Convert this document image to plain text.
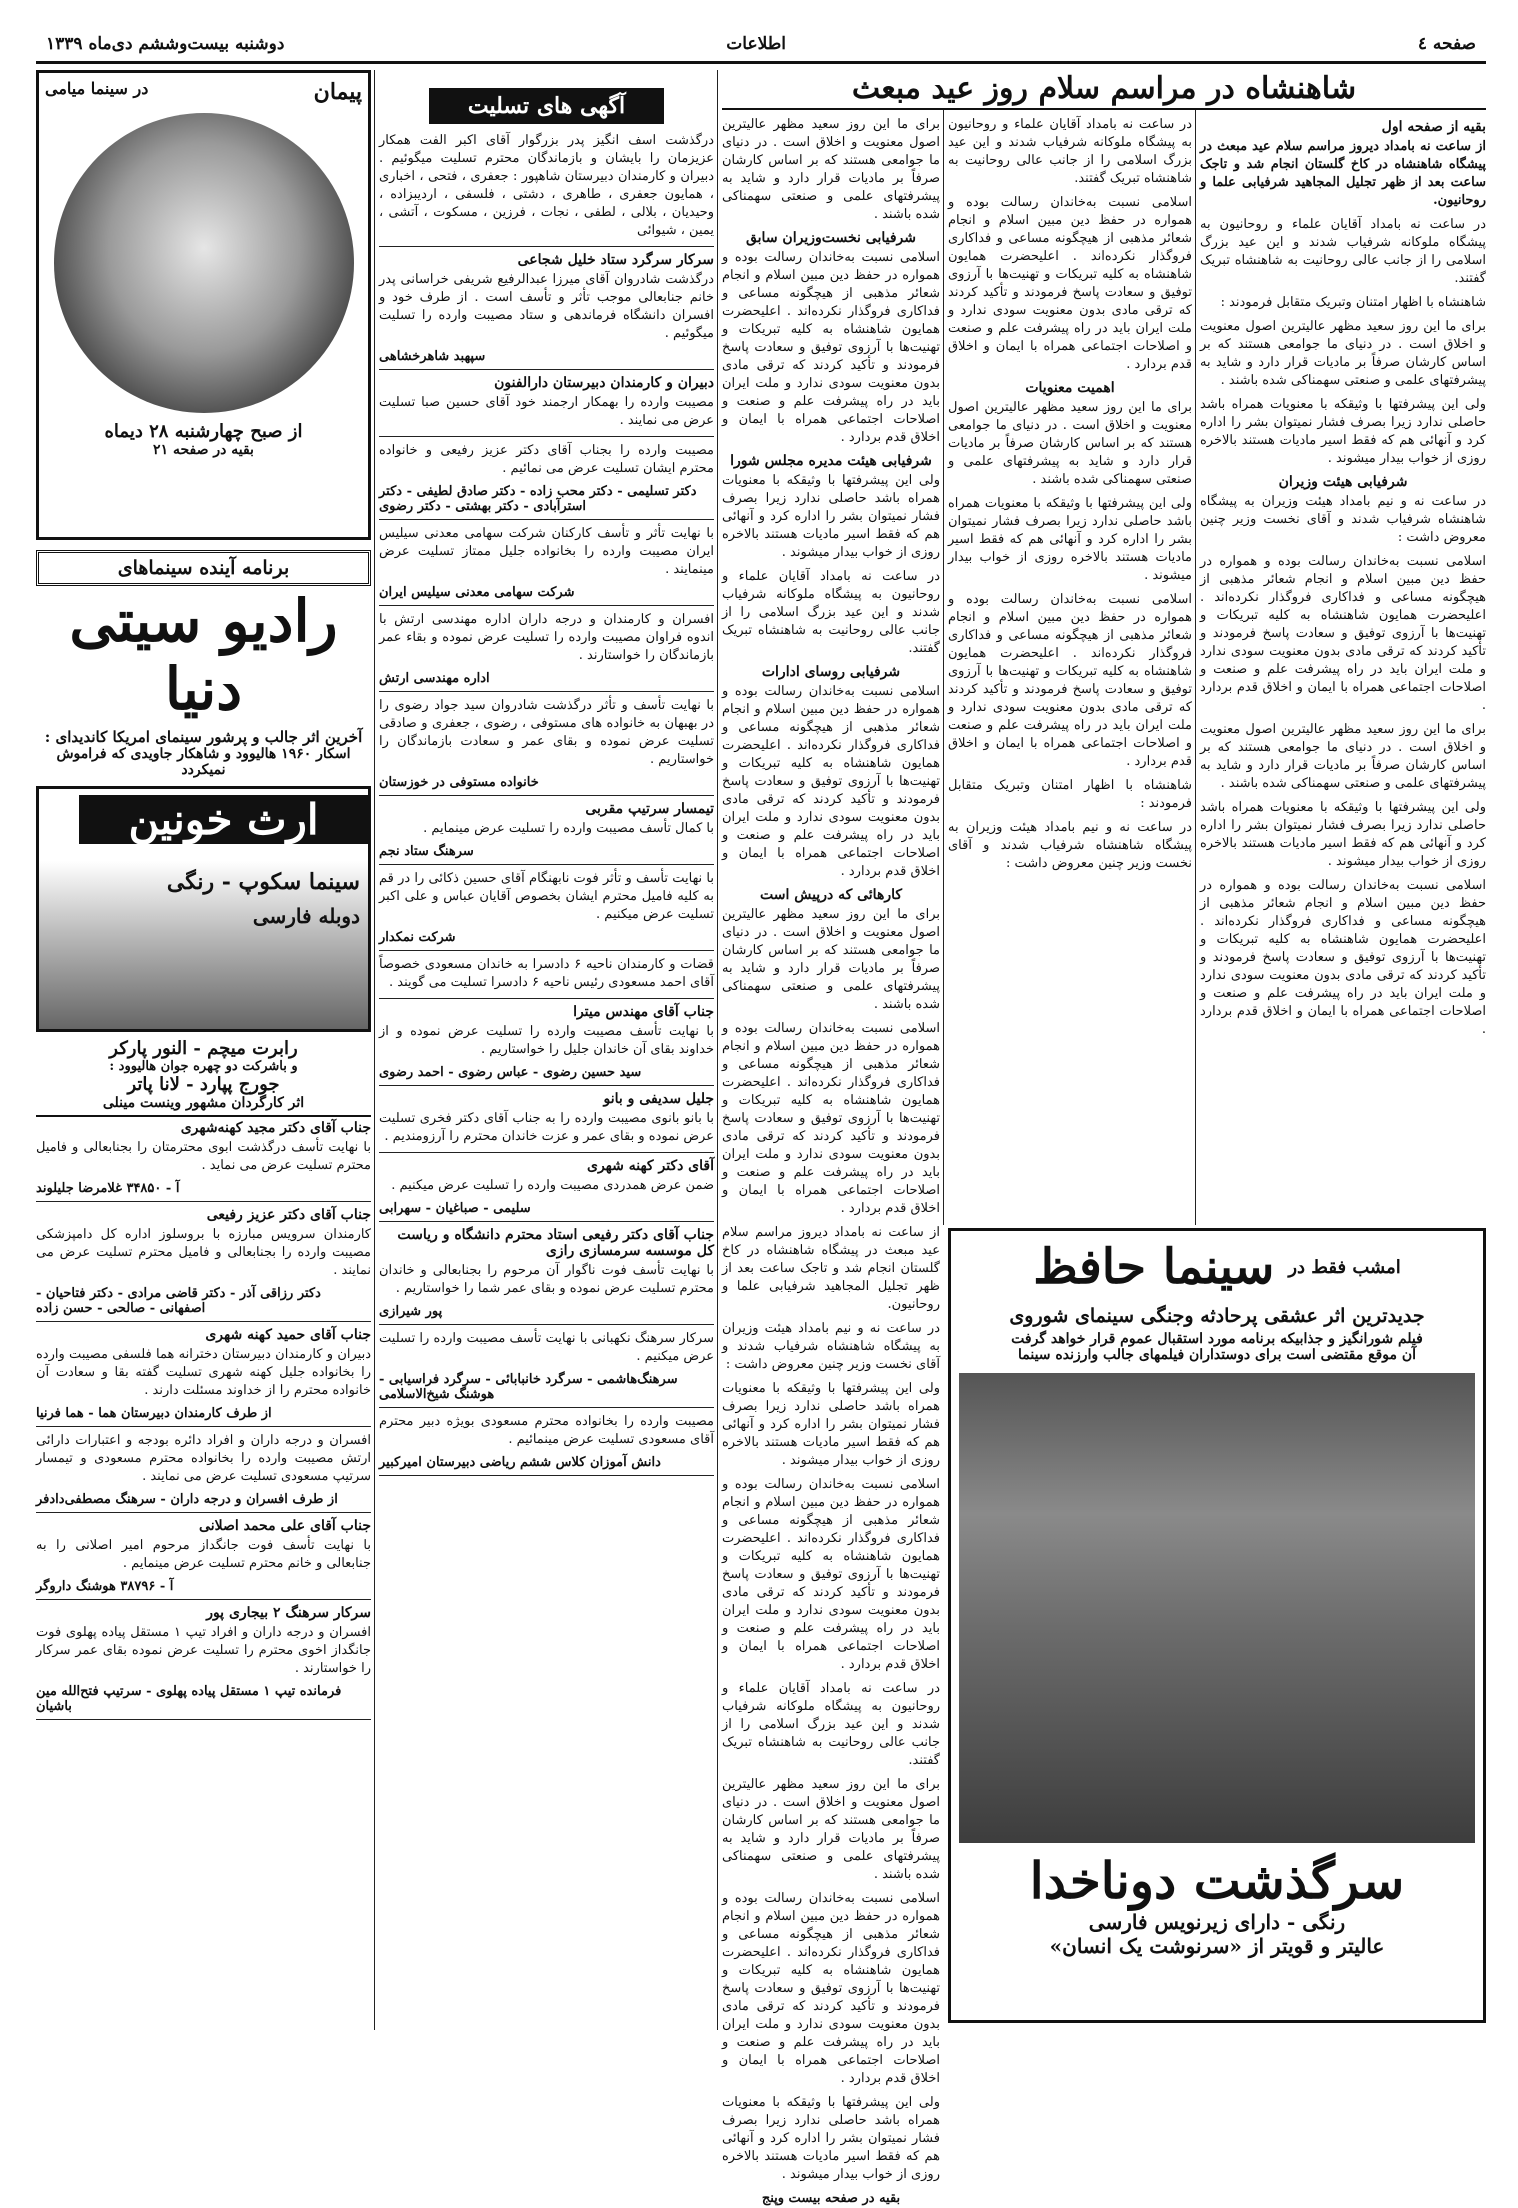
صفحه ٤
اطلاعات
دوشنبه بیست‌وششم دی‌ماه ۱۳۳۹
شاهنشاه در مراسم سلام روز عید مبعث
بقیه از صفحه اول

از ساعت نه بامداد دیروز مراسم سلام عید مبعث در پیشگاه شاهنشاه در کاخ گلستان انجام شد و تاجک ساعت بعد از ظهر تجلیل المجاهید شرفیابی علما و روحانیون.

در ساعت نه بامداد آقایان علماء و روحانیون به پیشگاه ملوکانه شرفیاب شدند و این عید بزرگ اسلامی را از جانب عالی روحانیت به شاهنشاه تبریک گفتند.

شاهنشاه با اظهار امتنان وتبریک متقابل فرمودند :

برای ما این روز سعید مظهر عالیترین اصول معنویت و اخلاق است . در دنیای ما جوامعی هستند که بر اساس کارشان صرفاً بر مادیات قرار دارد و شاید به پیشرفتهای علمی و صنعتی سهمناکی شده باشند .

ولی این پیشرفتها با وثیقکه با معنویات همراه باشد حاصلی ندارد زیرا بصرف فشار نمیتوان بشر را اداره کرد و آنهائی هم که فقط اسیر مادیات هستند بالاخره روزی از خواب بیدار میشوند .

شرفیابی هیئت وزیران

در ساعت نه و نیم بامداد هیئت وزیران به پیشگاه شاهنشاه شرفیاب شدند و آقای نخست وزیر چنین معروض داشت :

اسلامی نسبت به‌خاندان رسالت بوده و همواره در حفظ دین مبین اسلام و انجام شعائر مذهبی از هیچگونه مساعی و فداکاری فروگذار نکرده‌اند . اعلیحضرت همایون شاهنشاه به کلیه تبریکات و تهنیت‌ها با آرزوی توفیق و سعادت پاسخ فرمودند و تأکید کردند که ترقی مادی بدون معنویت سودی ندارد و ملت ایران باید در راه پیشرفت علم و صنعت و اصلاحات اجتماعی همراه با ایمان و اخلاق قدم بردارد .

برای ما این روز سعید مظهر عالیترین اصول معنویت و اخلاق است . در دنیای ما جوامعی هستند که بر اساس کارشان صرفاً بر مادیات قرار دارد و شاید به پیشرفتهای علمی و صنعتی سهمناکی شده باشند .

ولی این پیشرفتها با وثیقکه با معنویات همراه باشد حاصلی ندارد زیرا بصرف فشار نمیتوان بشر را اداره کرد و آنهائی هم که فقط اسیر مادیات هستند بالاخره روزی از خواب بیدار میشوند .

اسلامی نسبت به‌خاندان رسالت بوده و همواره در حفظ دین مبین اسلام و انجام شعائر مذهبی از هیچگونه مساعی و فداکاری فروگذار نکرده‌اند . اعلیحضرت همایون شاهنشاه به کلیه تبریکات و تهنیت‌ها با آرزوی توفیق و سعادت پاسخ فرمودند و تأکید کردند که ترقی مادی بدون معنویت سودی ندارد و ملت ایران باید در راه پیشرفت علم و صنعت و اصلاحات اجتماعی همراه با ایمان و اخلاق قدم بردارد .

در ساعت نه بامداد آقایان علماء و روحانیون به پیشگاه ملوکانه شرفیاب شدند و این عید بزرگ اسلامی را از جانب عالی روحانیت به شاهنشاه تبریک گفتند.

اسلامی نسبت به‌خاندان رسالت بوده و همواره در حفظ دین مبین اسلام و انجام شعائر مذهبی از هیچگونه مساعی و فداکاری فروگذار نکرده‌اند . اعلیحضرت همایون شاهنشاه به کلیه تبریکات و تهنیت‌ها با آرزوی توفیق و سعادت پاسخ فرمودند و تأکید کردند که ترقی مادی بدون معنویت سودی ندارد و ملت ایران باید در راه پیشرفت علم و صنعت و اصلاحات اجتماعی همراه با ایمان و اخلاق قدم بردارد .

اهمیت معنویات

برای ما این روز سعید مظهر عالیترین اصول معنویت و اخلاق است . در دنیای ما جوامعی هستند که بر اساس کارشان صرفاً بر مادیات قرار دارد و شاید به پیشرفتهای علمی و صنعتی سهمناکی شده باشند .

ولی این پیشرفتها با وثیقکه با معنویات همراه باشد حاصلی ندارد زیرا بصرف فشار نمیتوان بشر را اداره کرد و آنهائی هم که فقط اسیر مادیات هستند بالاخره روزی از خواب بیدار میشوند .

اسلامی نسبت به‌خاندان رسالت بوده و همواره در حفظ دین مبین اسلام و انجام شعائر مذهبی از هیچگونه مساعی و فداکاری فروگذار نکرده‌اند . اعلیحضرت همایون شاهنشاه به کلیه تبریکات و تهنیت‌ها با آرزوی توفیق و سعادت پاسخ فرمودند و تأکید کردند که ترقی مادی بدون معنویت سودی ندارد و ملت ایران باید در راه پیشرفت علم و صنعت و اصلاحات اجتماعی همراه با ایمان و اخلاق قدم بردارد .

شاهنشاه با اظهار امتنان وتبریک متقابل فرمودند :

در ساعت نه و نیم بامداد هیئت وزیران به پیشگاه شاهنشاه شرفیاب شدند و آقای نخست وزیر چنین معروض داشت :

برای ما این روز سعید مظهر عالیترین اصول معنویت و اخلاق است . در دنیای ما جوامعی هستند که بر اساس کارشان صرفاً بر مادیات قرار دارد و شاید به پیشرفتهای علمی و صنعتی سهمناکی شده باشند .

شرفیابی نخست‌وزیران سابق

اسلامی نسبت به‌خاندان رسالت بوده و همواره در حفظ دین مبین اسلام و انجام شعائر مذهبی از هیچگونه مساعی و فداکاری فروگذار نکرده‌اند . اعلیحضرت همایون شاهنشاه به کلیه تبریکات و تهنیت‌ها با آرزوی توفیق و سعادت پاسخ فرمودند و تأکید کردند که ترقی مادی بدون معنویت سودی ندارد و ملت ایران باید در راه پیشرفت علم و صنعت و اصلاحات اجتماعی همراه با ایمان و اخلاق قدم بردارد .

شرفیابی هیئت مدیره مجلس شورا

ولی این پیشرفتها با وثیقکه با معنویات همراه باشد حاصلی ندارد زیرا بصرف فشار نمیتوان بشر را اداره کرد و آنهائی هم که فقط اسیر مادیات هستند بالاخره روزی از خواب بیدار میشوند .

در ساعت نه بامداد آقایان علماء و روحانیون به پیشگاه ملوکانه شرفیاب شدند و این عید بزرگ اسلامی را از جانب عالی روحانیت به شاهنشاه تبریک گفتند.

شرفیابی روسای ادارات

اسلامی نسبت به‌خاندان رسالت بوده و همواره در حفظ دین مبین اسلام و انجام شعائر مذهبی از هیچگونه مساعی و فداکاری فروگذار نکرده‌اند . اعلیحضرت همایون شاهنشاه به کلیه تبریکات و تهنیت‌ها با آرزوی توفیق و سعادت پاسخ فرمودند و تأکید کردند که ترقی مادی بدون معنویت سودی ندارد و ملت ایران باید در راه پیشرفت علم و صنعت و اصلاحات اجتماعی همراه با ایمان و اخلاق قدم بردارد .

کارهائی که درپیش است

برای ما این روز سعید مظهر عالیترین اصول معنویت و اخلاق است . در دنیای ما جوامعی هستند که بر اساس کارشان صرفاً بر مادیات قرار دارد و شاید به پیشرفتهای علمی و صنعتی سهمناکی شده باشند .

اسلامی نسبت به‌خاندان رسالت بوده و همواره در حفظ دین مبین اسلام و انجام شعائر مذهبی از هیچگونه مساعی و فداکاری فروگذار نکرده‌اند . اعلیحضرت همایون شاهنشاه به کلیه تبریکات و تهنیت‌ها با آرزوی توفیق و سعادت پاسخ فرمودند و تأکید کردند که ترقی مادی بدون معنویت سودی ندارد و ملت ایران باید در راه پیشرفت علم و صنعت و اصلاحات اجتماعی همراه با ایمان و اخلاق قدم بردارد .

از ساعت نه بامداد دیروز مراسم سلام عید مبعث در پیشگاه شاهنشاه در کاخ گلستان انجام شد و تاجک ساعت بعد از ظهر تجلیل المجاهید شرفیابی علما و روحانیون.

در ساعت نه و نیم بامداد هیئت وزیران به پیشگاه شاهنشاه شرفیاب شدند و آقای نخست وزیر چنین معروض داشت :

ولی این پیشرفتها با وثیقکه با معنویات همراه باشد حاصلی ندارد زیرا بصرف فشار نمیتوان بشر را اداره کرد و آنهائی هم که فقط اسیر مادیات هستند بالاخره روزی از خواب بیدار میشوند .

اسلامی نسبت به‌خاندان رسالت بوده و همواره در حفظ دین مبین اسلام و انجام شعائر مذهبی از هیچگونه مساعی و فداکاری فروگذار نکرده‌اند . اعلیحضرت همایون شاهنشاه به کلیه تبریکات و تهنیت‌ها با آرزوی توفیق و سعادت پاسخ فرمودند و تأکید کردند که ترقی مادی بدون معنویت سودی ندارد و ملت ایران باید در راه پیشرفت علم و صنعت و اصلاحات اجتماعی همراه با ایمان و اخلاق قدم بردارد .

در ساعت نه بامداد آقایان علماء و روحانیون به پیشگاه ملوکانه شرفیاب شدند و این عید بزرگ اسلامی را از جانب عالی روحانیت به شاهنشاه تبریک گفتند.

برای ما این روز سعید مظهر عالیترین اصول معنویت و اخلاق است . در دنیای ما جوامعی هستند که بر اساس کارشان صرفاً بر مادیات قرار دارد و شاید به پیشرفتهای علمی و صنعتی سهمناکی شده باشند .

اسلامی نسبت به‌خاندان رسالت بوده و همواره در حفظ دین مبین اسلام و انجام شعائر مذهبی از هیچگونه مساعی و فداکاری فروگذار نکرده‌اند . اعلیحضرت همایون شاهنشاه به کلیه تبریکات و تهنیت‌ها با آرزوی توفیق و سعادت پاسخ فرمودند و تأکید کردند که ترقی مادی بدون معنویت سودی ندارد و ملت ایران باید در راه پیشرفت علم و صنعت و اصلاحات اجتماعی همراه با ایمان و اخلاق قدم بردارد .

ولی این پیشرفتها با وثیقکه با معنویات همراه باشد حاصلی ندارد زیرا بصرف فشار نمیتوان بشر را اداره کرد و آنهائی هم که فقط اسیر مادیات هستند بالاخره روزی از خواب بیدار میشوند .

بقیه در صفحه بیست وپنج

امشب فقط در
سینما حافظ
جدیدترین اثر عشقی پرحادثه وجنگی سینمای شوروی
فیلم شورانگیز و جذابیکه برنامه مورد استقبال عموم قرار خواهد گرفت
آن موقع مقتضی است برای دوستداران فیلمهای جالب وارزنده سینما
سرگذشت دوناخدا
رنگی - دارای زیرنویس فارسی
عالیتر و قویتر از «سرنوشت یک انسان»
آگهی های تسلیت

درگذشت اسف انگیز پدر بزرگوار آقای اکبر الفت همکار عزیزمان را بایشان و بازماندگان محترم تسلیت میگوئیم . دبیران و کارمندان دبیرستان شاهپور : جعفری ، فتحی ، اخباری ، همایون جعفری ، طاهری ، دشتی ، فلسفی ، اردیبزاده ، وحیدیان ، بلالی ، لطفی ، نجات ، فرزین ، مسکوت ، آتشی ، یمین ، شیوائی

سرکار سرگرد ستاد خلیل شجاعی

درگذشت شادروان آقای میرزا عبدالرفیع شریفی خراسانی پدر خانم جنابعالی موجب تأثر و تأسف است . از طرف خود و افسران دانشگاه فرماندهی و ستاد مصیبت وارده را تسلیت میگوئیم .

سپهبد شاهرخشاهی
دبیران و کارمندان دبیرستان دارالفنون

مصیبت وارده را بهمکار ارجمند خود آقای حسین صبا تسلیت عرض می نمایند .

مصیبت وارده را بجناب آقای دکتر عزیز رفیعی و خانواده محترم ایشان تسلیت عرض می نمائیم .

دکتر تسلیمی - دکتر محب زاده - دکتر صادق لطیفی - دکتر استرآبادی - دکتر بهشتی - دکتر رضوی

با نهایت تأثر و تأسف کارکنان شرکت سهامی معدنی سیلیس ایران مصیبت وارده را بخانواده جلیل ممتاز تسلیت عرض مینمایند .

شرکت سهامی معدنی سیلیس ایران

افسران و کارمندان و درجه داران اداره مهندسی ارتش با اندوه فراوان مصیبت وارده را تسلیت عرض نموده و بقاء عمر بازماندگان را خواستارند .

اداره مهندسی ارتش

با نهایت تأسف و تأثر درگذشت شادروان سید جواد رضوی را در بهبهان به خانواده های مستوفی ، رضوی ، جعفری و صادقی تسلیت عرض نموده و بقای عمر و سعادت بازماندگان را خواستاریم .

خانواده مستوفی در خوزستان
تیمسار سرتیپ مقربی

با کمال تأسف مصیبت وارده را تسلیت عرض مینمایم .

سرهنگ ستاد نجم

با نهایت تأسف و تأثر فوت نابهنگام آقای حسین ذکائی را در قم به کلیه فامیل محترم ایشان بخصوص آقایان عباس و علی اکبر تسلیت عرض میکنیم .

شرکت نمکدار

قضات و کارمندان ناحیه ۶ دادسرا به خاندان مسعودی خصوصاً آقای احمد مسعودی رئیس ناحیه ۶ دادسرا تسلیت می گویند .

جناب آقای مهندس میترا

با نهایت تأسف مصیبت وارده را تسلیت عرض نموده و از خداوند بقای آن خاندان جلیل را خواستاریم .

سید حسین رضوی - عباس رضوی - احمد رضوی
جلیل سدیفی و بانو

با بانو بانوی مصیبت وارده را به جناب آقای دکتر فخری تسلیت عرض نموده و بقای عمر و عزت خاندان محترم را آرزومندیم .

آقای دکتر کهنه شهری

ضمن عرض همدردی مصیبت وارده را تسلیت عرض میکنیم .

سلیمی - صباغیان - سهرابی
جناب آقای دکتر رفیعی استاد محترم دانشگاه و ریاست کل موسسه سرمسازی رازی

با نهایت تأسف فوت ناگوار آن مرحوم را بجنابعالی و خاندان محترم تسلیت عرض نموده و بقای عمر شما را خواستاریم .

پور شیرازی

سرکار سرهنگ نکهبانی با نهایت تأسف مصیبت وارده را تسلیت عرض میکنیم .

سرهنگ‌هاشمی - سرگرد خانبابائی - سرگرد فراسیابی - هوشنگ شیخ‌الاسلامی

مصیبت وارده را بخانواده محترم مسعودی بویژه دبیر محترم آقای مسعودی تسلیت عرض مینمائیم .

دانش آموزان کلاس ششم ریاضی دبیرستان امیرکبیر
پیمان
در سینما میامی
از صبح چهارشنبه ۲۸ دیماه
بقیه در صفحه ۲۱
برنامه آینده سینماهای
رادیو سیتی
دنیا
آخرین اثر جالب و پرشور سینمای امریکا کاندیدای :
اسکار ۱۹۶۰ هالیوود و شاهکار جاویدی که فراموش نمیکردد
ارث خونین
سینما سکوپ - رنگی
دوبله فارسی
رابرت میچم - النور پارکر
و باشرکت دو چهره جوان هالیوود :
جورج پپارد - لانا پاتر
اثر کارگردان مشهور وینست مینلی
جناب آقای دکتر مجید کهنه‌شهری

با نهایت تأسف درگذشت ابوی محترمتان را بجنابعالی و فامیل محترم تسلیت عرض می نماید .

آ - ۳۴۸۵۰ غلامرضا جلیلوند
جناب آقای دکتر عزیز رفیعی

کارمندان سرویس مبارزه با بروسلوز اداره کل دامپزشکی مصیبت وارده را بجنابعالی و فامیل محترم تسلیت عرض می نمایند .

دکتر رزاقی آذر - دکتر قاضی مرادی - دکتر فتاحیان - اصفهانی - صالحی - حسن زاده
جناب آقای حمید کهنه شهری

دبیران و کارمندان دبیرستان دخترانه هما فلسفی مصیبت وارده را بخانواده جلیل کهنه شهری تسلیت گفته بقا و سعادت آن خانواده محترم را از خداوند مسئلت دارند .

از طرف کارمندان دبیرستان هما - هما فرنیا

افسران و درجه داران و افراد دائره بودجه و اعتبارات دارائی ارتش مصیبت وارده را بخانواده محترم مسعودی و تیمسار سرتیپ مسعودی تسلیت عرض می نمایند .

از طرف افسران و درجه داران - سرهنگ مصطفی‌دادفر
جناب آقای علی محمد اصلانی

با نهایت تأسف فوت جانگداز مرحوم امیر اصلانی را به جنابعالی و خانم محترم تسلیت عرض مینمایم .

آ - ۳۸۷۹۶ هوشنگ داروگر
سرکار سرهنگ ۲ بیجاری پور

افسران و درجه داران و افراد تیپ ۱ مستقل پیاده پهلوی فوت جانگداز اخوی محترم را تسلیت عرض نموده بقای عمر سرکار را خواستارند .

فرمانده تیپ ۱ مستقل پیاده پهلوی - سرتیپ فتح‌الله مین باشیان
